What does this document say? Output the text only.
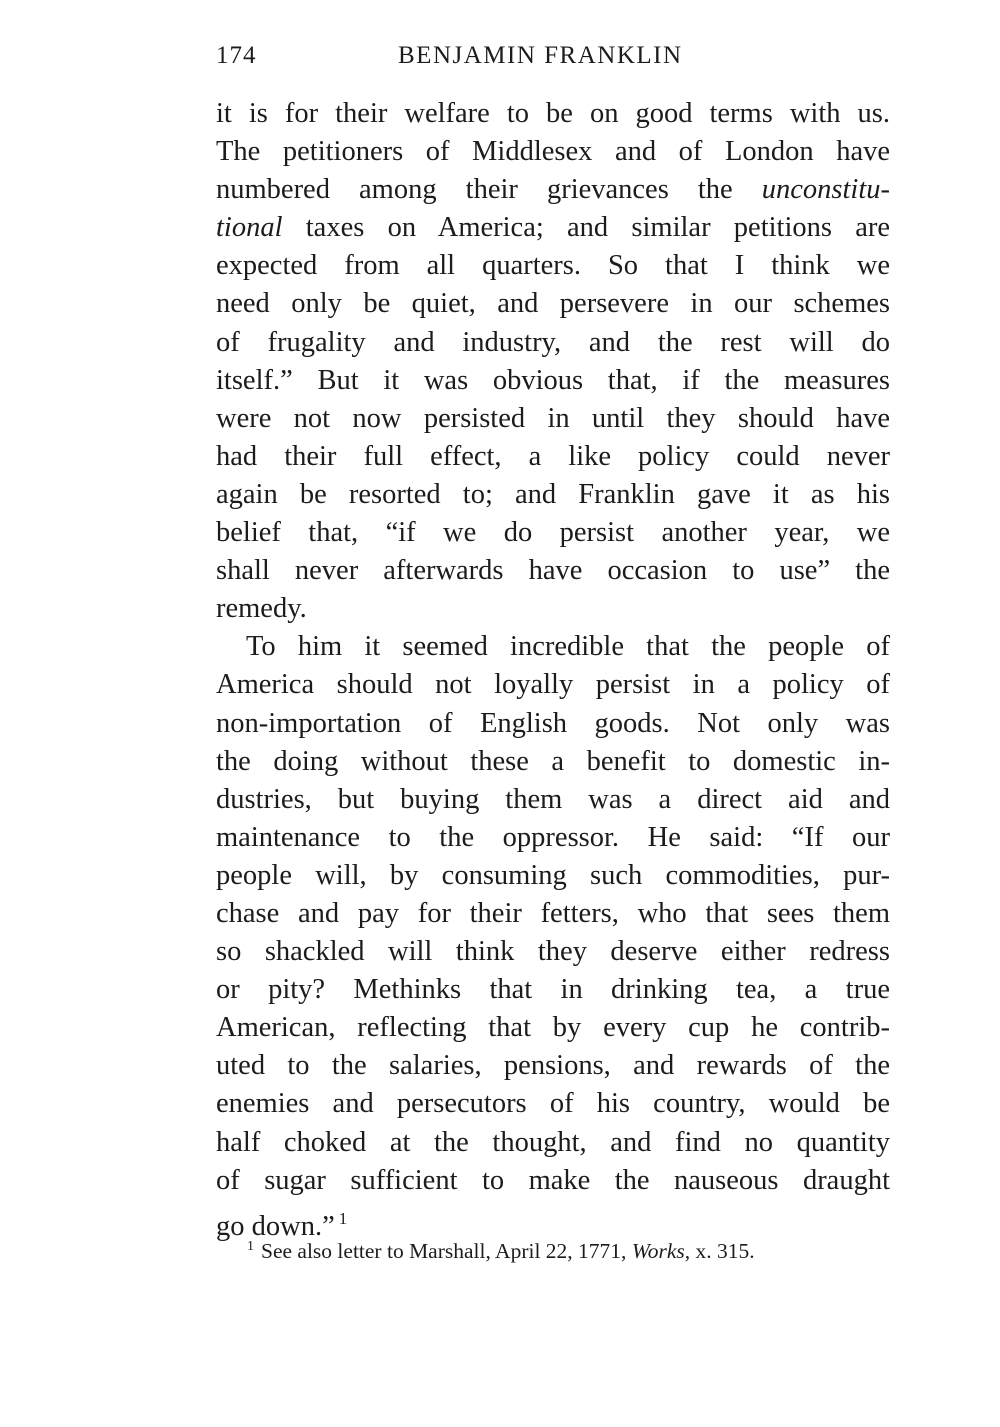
174	BENJAMIN FRANKLIN
it is for their welfare to be on good terms with us.
The petitioners of Middlesex and of London have
numbered among their grievances the unconstitu-
tional taxes on America; and similar petitions are
expected from all quarters. So that I think we
need only be quiet, and persevere in our schemes
of frugality and industry, and the rest will do
itself.” But it was obvious that, if the measures
were not now persisted in until they should have
had their full effect, a like policy could never
again be resorted to; and Franklin gave it as his
belief that, “if we do persist another year, we
shall never afterwards have occasion to use” the
remedy.
To him it seemed incredible that the people of
America should not loyally persist in a policy of
non-importation of English goods. Not only was
the doing without these a benefit to domestic in-
dustries, but buying them was a direct aid and
maintenance to the oppressor. He said: “If our
people will, by consuming such commodities, pur-
chase and pay for their fetters, who that sees them
so shackled will think they deserve either redress
or pity? Methinks that in drinking tea, a true
American, reflecting that by every cup he contrib-
uted to the salaries, pensions, and rewards of the
enemies and persecutors of his country, would be
half choked at the thought, and find no quantity
of sugar sufficient to make the nauseous draught
go down.” $^1$
$^1$ See also letter to Marshall, April 22, 1771, Works, x. 315.
